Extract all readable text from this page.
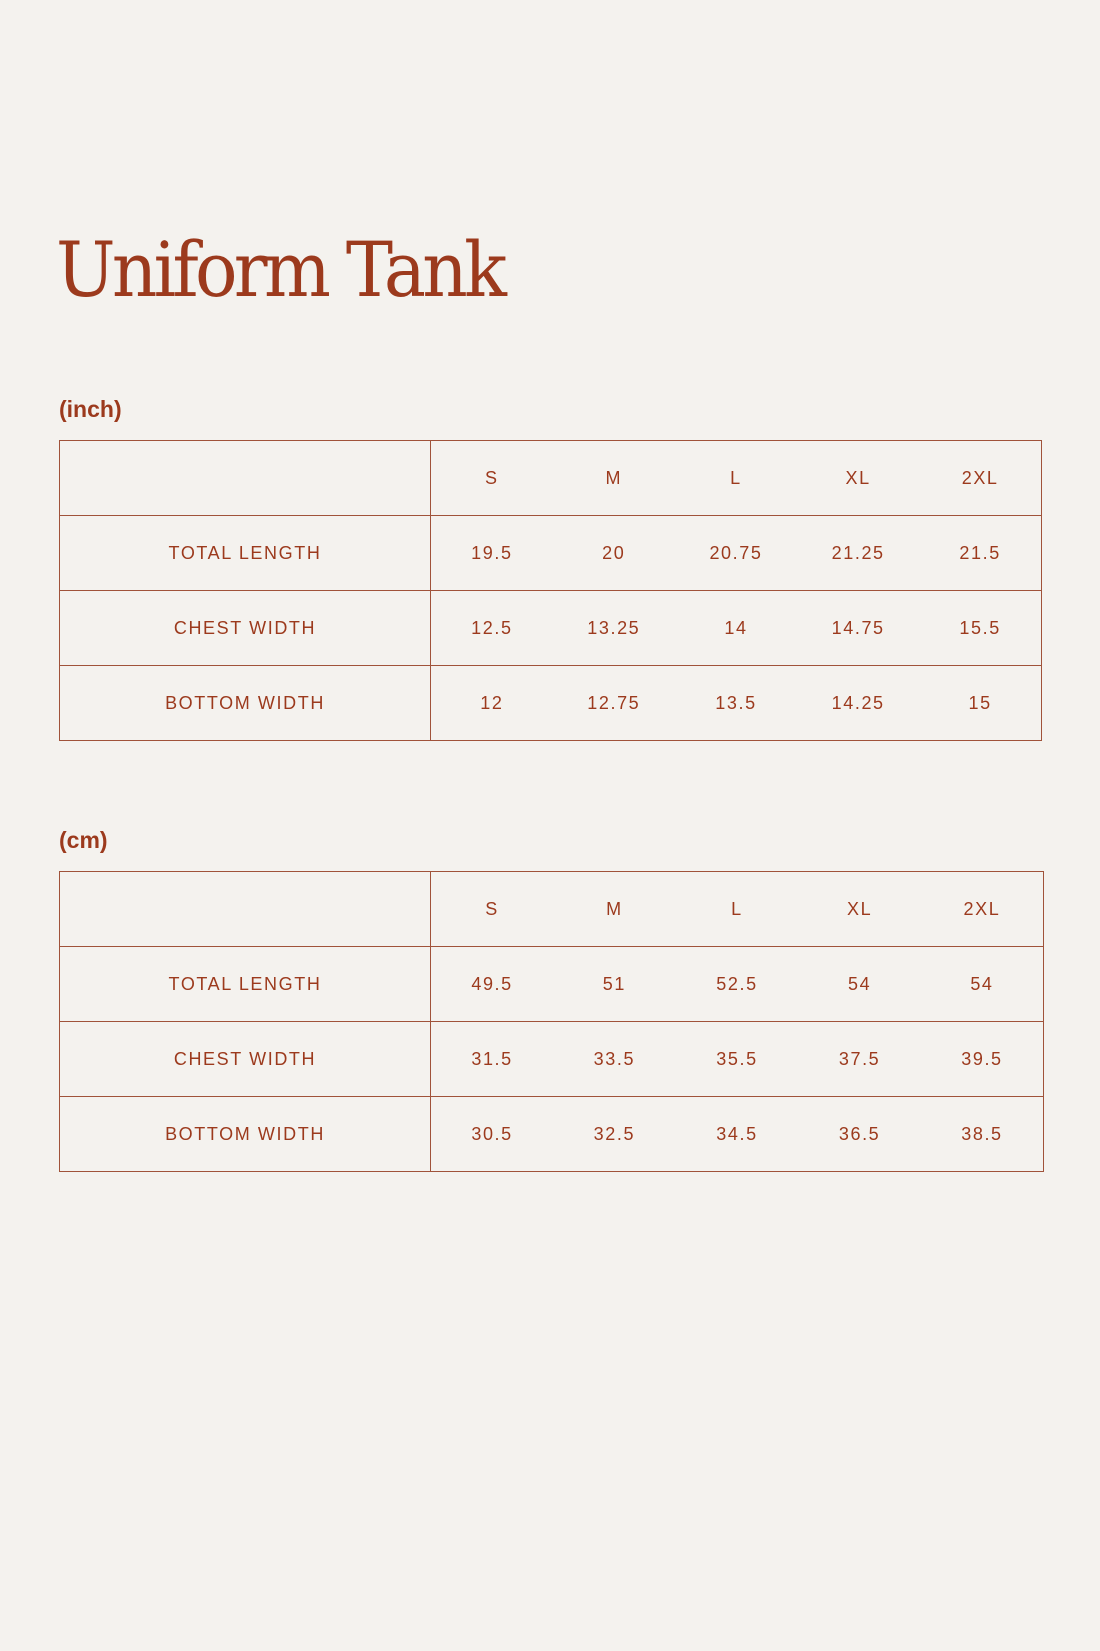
Uniform Tank
(inch)
	S	M	L	XL	2XL
TOTAL LENGTH	19.5	20	20.75	21.25	21.5
CHEST WIDTH	12.5	13.25	14	14.75	15.5
BOTTOM WIDTH	12	12.75	13.5	14.25	15
(cm)
	S	M	L	XL	2XL
TOTAL LENGTH	49.5	51	52.5	54	54
CHEST WIDTH	31.5	33.5	35.5	37.5	39.5
BOTTOM WIDTH	30.5	32.5	34.5	36.5	38.5
